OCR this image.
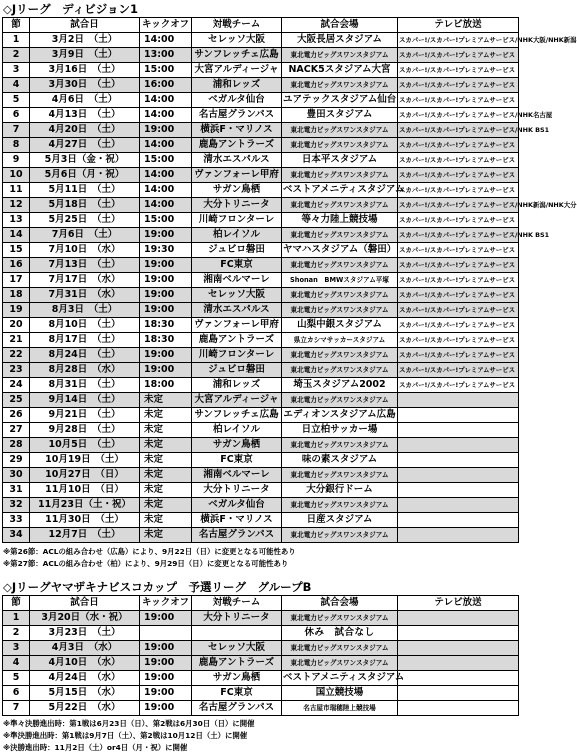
◇Jリーグ　ディビジョン1
節	試合日	キックオフ	対戦チーム	試合会場	テレビ放送
1	3月2日　（土）	14:00	セレッソ大阪	大阪長居スタジアム	スカパー!/スカパー!プレミアムサービス/NHK大阪/NHK新潟
2	3月9日　（土）	13:00	サンフレッチェ広島	東北電力ビッグスワンスタジアム	スカパー!/スカパー!プレミアムサービス
3	3月16日　（土）	15:00	大宮アルディージャ	NACK5スタジアム大宮	スカパー!/スカパー!プレミアムサービス
4	3月30日　（土）	16:00	浦和レッズ	東北電力ビッグスワンスタジアム	スカパー!/スカパー!プレミアムサービス
5	4月6日　（土）	14:00	ベガルタ仙台	ユアテックスタジアム仙台	スカパー!/スカパー!プレミアムサービス
6	4月13日　（土）	14:00	名古屋グランパス	豊田スタジアム	スカパー!/スカパー!プレミアムサービス/NHK名古屋
7	4月20日　（土）	19:00	横浜F・マリノス	東北電力ビッグスワンスタジアム	スカパー!/スカパー!プレミアムサービス/NHK BS1
8	4月27日　（土）	14:00	鹿島アントラーズ	東北電力ビッグスワンスタジアム	スカパー!/スカパー!プレミアムサービス
9	5月3日（金・祝）	15:00	清水エスパルス	日本平スタジアム	スカパー!/スカパー!プレミアムサービス
10	5月6日（月・祝）	14:00	ヴァンフォーレ甲府	東北電力ビッグスワンスタジアム	スカパー!/スカパー!プレミアムサービス
11	5月11日　（土）	14:00	サガン鳥栖	ベストアメニティスタジアム	スカパー!/スカパー!プレミアムサービス
12	5月18日　（土）	14:00	大分トリニータ	東北電力ビッグスワンスタジアム	スカパー!/スカパー!プレミアムサービス/NHK新潟/NHK大分
13	5月25日　（土）	15:00	川崎フロンターレ	等々力陸上競技場	スカパー!/スカパー!プレミアムサービス
14	7月6日　（土）	19:00	柏レイソル	東北電力ビッグスワンスタジアム	スカパー!/スカパー!プレミアムサービス/NHK BS1
15	7月10日　（水）	19:30	ジュビロ磐田	ヤマハスタジアム（磐田）	スカパー!/スカパー!プレミアムサービス
16	7月13日　（土）	19:00	FC東京	東北電力ビッグスワンスタジアム	スカパー!/スカパー!プレミアムサービス
17	7月17日　（水）	19:00	湘南ベルマーレ	Shonan　BMWスタジアム平塚	スカパー!/スカパー!プレミアムサービス
18	7月31日　（水）	19:00	セレッソ大阪	東北電力ビッグスワンスタジアム	スカパー!/スカパー!プレミアムサービス
19	8月3日　（土）	19:00	清水エスパルス	東北電力ビッグスワンスタジアム	スカパー!/スカパー!プレミアムサービス
20	8月10日　（土）	18:30	ヴァンフォーレ甲府	山梨中銀スタジアム	スカパー!/スカパー!プレミアムサービス
21	8月17日　（土）	18:30	鹿島アントラーズ	県立カシマサッカースタジアム	スカパー!/スカパー!プレミアムサービス
22	8月24日　（土）	19:00	川崎フロンターレ	東北電力ビッグスワンスタジアム	スカパー!/スカパー!プレミアムサービス
23	8月28日　（水）	19:00	ジュビロ磐田	東北電力ビッグスワンスタジアム	スカパー!/スカパー!プレミアムサービス
24	8月31日　（土）	18:00	浦和レッズ	埼玉スタジアム2002	スカパー!/スカパー!プレミアムサービス
25	9月14日　（土）	未定	大宮アルディージャ	東北電力ビッグスワンスタジアム	
26	9月21日　（土）	未定	サンフレッチェ広島	エディオンスタジアム広島	
27	9月28日　（土）	未定	柏レイソル	日立柏サッカー場	
28	10月5日　（土）	未定	サガン鳥栖	東北電力ビッグスワンスタジアム	
29	10月19日　（土）	未定	FC東京	味の素スタジアム	
30	10月27日　（日）	未定	湘南ベルマーレ	東北電力ビッグスワンスタジアム	
31	11月10日　（日）	未定	大分トリニータ	大分銀行ドーム	
32	11月23日（土・祝）	未定	ベガルタ仙台	東北電力ビッグスワンスタジアム	
33	11月30日　（土）	未定	横浜F・マリノス	日産スタジアム	
34	12月7日　（土）	未定	名古屋グランパス	東北電力ビッグスワンスタジアム	
※第26節：ACLの組み合わせ（広島）により、9月22日（日）に変更となる可能性あり
※第27節：ACLの組み合わせ（柏）により、9月29日（日）に変更となる可能性あり
◇Jリーグヤマザキナビスコカップ　予選リーグ　グループB
節	試合日	キックオフ	対戦チーム	試合会場	テレビ放送
1	3月20日（水・祝）	19:00	大分トリニータ	東北電力ビッグスワンスタジアム	
2	3月23日　（土）			休み　試合なし	
3	4月3日　（水）	19:00	セレッソ大阪	東北電力ビッグスワンスタジアム	
4	4月10日　（水）	19:00	鹿島アントラーズ	東北電力ビッグスワンスタジアム	
5	4月24日　（水）	19:00	サガン鳥栖	ベストアメニティスタジアム	
6	5月15日　（水）	19:00	FC東京	国立競技場	
7	5月22日　（水）	19:00	名古屋グランパス	名古屋市瑞穂陸上競技場	
※準々決勝進出時：第1戦は6月23日（日）、第2戦は6月30日（日）に開催
※準決勝進出時：第1戦は9月7日（土）、第2戦は10月12日（土）に開催
※決勝進出時：11月2日（土）or4日（月・祝）に開催
